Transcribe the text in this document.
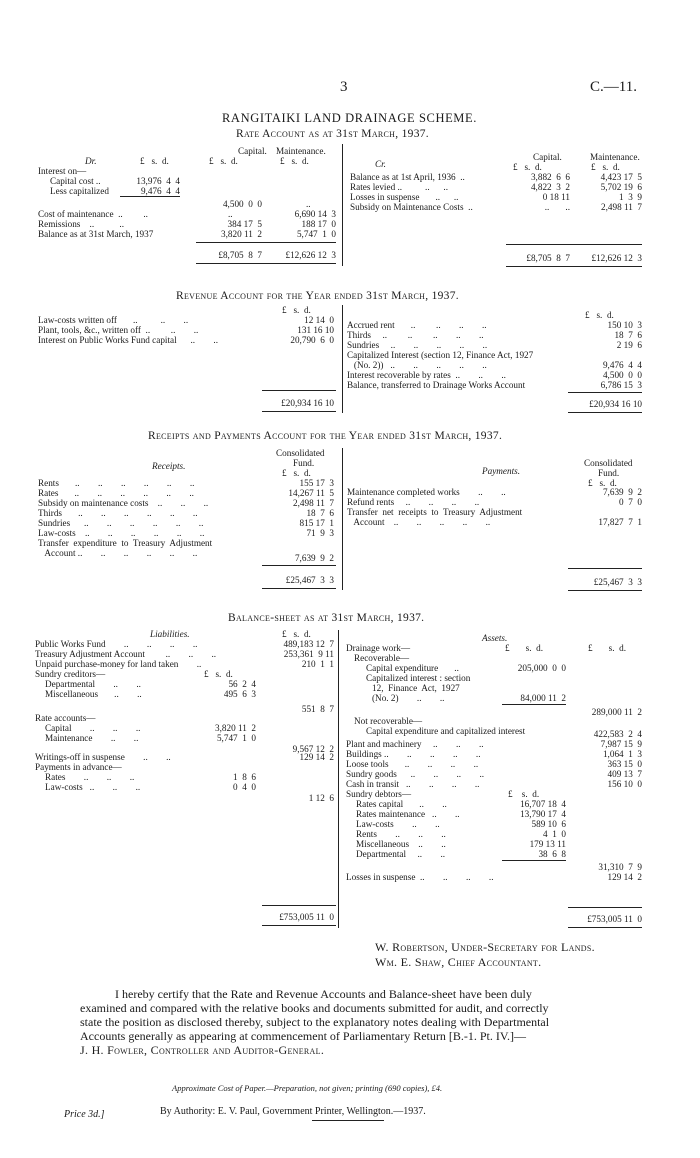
3	C.—11.
RANGITAIKI LAND DRAINAGE SCHEME.
Rate Account as at 31st March, 1937.
Dr.
Capital. Maintenance.
£   s.  d.	£   s.  d.	£   s.  d.
Interest on—
Capital cost ..	13,976  4  4
Less capitalized	9,476  4  4
4,500  0  0	..
Cost of maintenance  ..         ..	..	6,690 14  3
Remissions    ..           ..	384 17  5	188 17  0
Balance as at 31st March, 1937	3,820 11  2	5,747  1  0
£8,705  8  7	£12,626 12  3
Cr.
Capital.	Maintenance.
£   s.  d.	£   s.  d.
Balance as at 1st April, 1936  ..	3,882  6  6	4,423 17  5
Rates levied ..          ..      ..	4,822  3  2	5,702 19  6
Losses in suspense       ..      ..	0 18 11	1  3  9
Subsidy on Maintenance Costs  ..	..       ..	2,498 11  7
£8,705  8  7	£12,626 12  3
Revenue Account for the Year ended 31st March, 1937.
£   s.  d.
Law-costs written off       ..          ..        ..	12 14  0
Plant, tools, &c., written off  ..         ..        ..	131 16 10
Interest on Public Works Fund capital      ..        ..	20,790  6  0
£20,934 16 10
£   s.  d.
Accrued rent       ..         ..        ..        ..	150 10  3
Thirds     ..         ..         ..        ..        ..	18  7  6
Sundries     ..        ..        ..        ..        ..	2 19  6
Capitalized Interest (section 12, Finance Act, 1927
(No. 2))   ..        ..        ..        ..        ..	9,476  4  4
Interest recoverable by rates  ..        ..        ..	4,500  0  0
Balance, transferred to Drainage Works Account	6,786 15  3
£20,934 16 10
Receipts and Payments Account for the Year ended 31st March, 1937.
Consolidated
Fund.
Receipts.
£   s.  d.
Rents       ..        ..        ..        ..        ..        ..	155 17  3
Rates       ..        ..        ..        ..        ..        ..	14,267 11  5
Subsidy on maintenance costs    ..        ..        ..	2,498 11  7
Thirds       ..        ..        ..        ..        ..        ..	18  7  6
Sundries      ..        ..        ..        ..        ..        ..	815 17  1
Law-costs    ..        ..        ..        ..        ..        ..	71  9  3
Transfer  expenditure  to  Treasury  Adjustment
Account ..        ..        ..        ..        ..        ..	7,639  9  2
£25,467  3  3
Payments.
Consolidated
Fund.
£   s.  d.
Maintenance completed works        ..        ..	7,639  9  2
Refund rents     ..        ..        ..        ..	0  7  0
Transfer  net  receipts  to  Treasury  Adjustment
Account    ..        ..        ..        ..        ..	17,827  7  1
£25,467  3  3
Balance-sheet as at 31st March, 1937.
Liabilities.	£   s.  d.
Public Works Fund        ..        ..        ..        ..	489,183 12  7
Treasury Adjustment Account         ..        ..        ..	253,361  9 11
Unpaid purchase-money for land taken        ..	210  1  1
Sundry creditors—	£   s.  d.
Departmental        ..        ..	56  2  4
Miscellaneous       ..        ..	495  6  3
551  8  7
Rate accounts—
Capital        ..        ..        ..	3,820 11  2
Maintenance        ..        ..	5,747  1  0
9,567 12  2
Writings-off in suspense        ..        ..	129 14  2
Payments in advance—
Rates        ..        ..        ..	1  8  6
Law-costs   ..        ..        ..	0  4  0
1 12  6
£753,005 11  0
Assets.
Drainage work—	£       s.  d.	£       s.  d.
Recoverable—
Capital expenditure       ..	205,000  0  0
Capitalized interest : section
12,  Finance  Act,  1927
(No. 2)        ..        ..	84,000 11  2
289,000 11  2
Not recoverable—
Capital expenditure and capitalized interest	422,583  2  4
Plant and machinery     ..        ..        ..	7,987 15  9
Buildings ..        ..        ..        ..        ..	1,064  1  3
Loose tools       ..        ..        ..        ..	363 15  0
Sundry goods      ..        ..        ..        ..	409 13  7
Cash in transit   ..        ..        ..        ..	156 10  0
Sundry debtors—	£    s.  d.
Rates capital       ..        ..	16,707 18  4
Rates maintenance   ..        ..	13,790 17  4
Law-costs        ..        ..	589 10  6
Rents        ..        ..        ..	4  1  0
Miscellaneous    ..        ..	179 13 11
Departmental     ..        ..	38  6  8
31,310  7  9
Losses in suspense  ..        ..        ..        ..	129 14  2
£753,005 11  0
W. Robertson, Under-Secretary for Lands.
Wm. E. Shaw, Chief Accountant.
I hereby certify that the Rate and Revenue Accounts and Balance-sheet have been duly
examined and compared with the relative books and documents submitted for audit, and correctly
state the position as disclosed thereby, subject to the explanatory notes dealing with Departmental
Accounts generally as appearing at commencement of Parliamentary Return [B.-1. Pt. IV.]—
J. H. Fowler, Controller and Auditor-General.
Approximate Cost of Paper.—Preparation, not given; printing (690 copies), £4.
By Authority: E. V. Paul, Government Printer, Wellington.—1937.
Price 3d.]
